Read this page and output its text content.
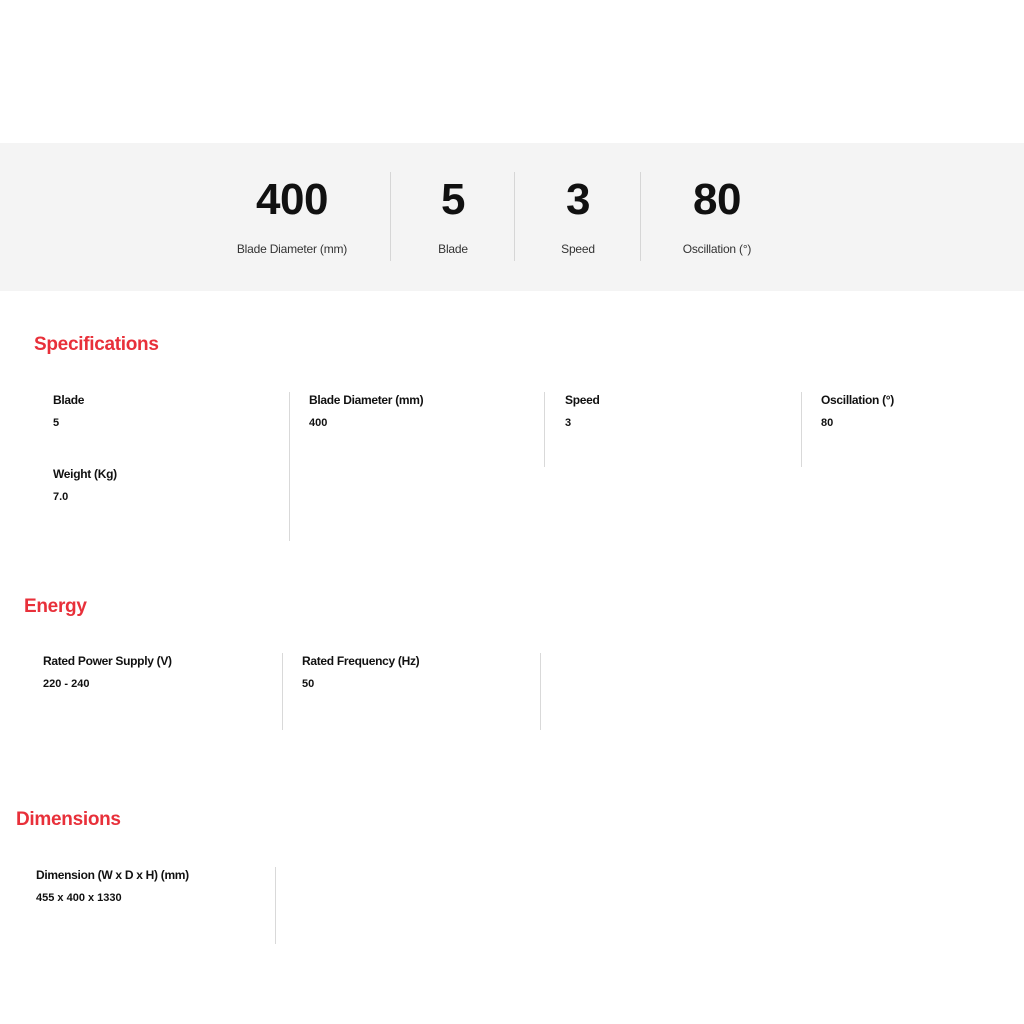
400
Blade Diameter (mm)
5
Blade
3
Speed
80
Oscillation (°)
Specifications
Blade
5
Blade Diameter (mm)
400
Speed
3
Oscillation (°)
80
Weight (Kg)
7.0
Energy
Rated Power Supply (V)
220 - 240
Rated Frequency (Hz)
50
Dimensions
Dimension (W x D x H) (mm)
455 x 400 x 1330
